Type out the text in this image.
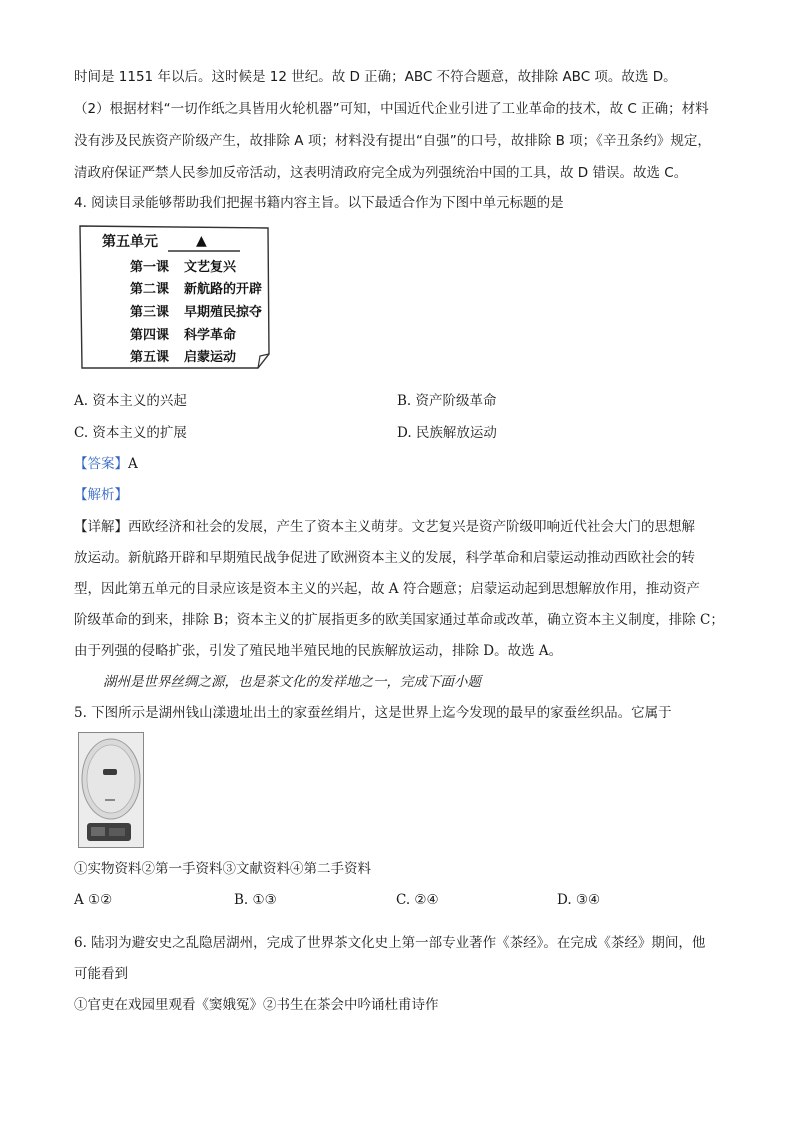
时间是 1151 年以后。这时候是 12 世纪。故 D 正确；ABC 不符合题意，故排除 ABC 项。故选 D。
（2）根据材料“一切作纸之具皆用火轮机器”可知，中国近代企业引进了工业革命的技术，故 C 正确；材料
没有涉及民族资产阶级产生，故排除 A 项；材料没有提出“自强”的口号，故排除 B 项；《辛丑条约》规定，
清政府保证严禁人民参加反帝活动，这表明清政府完全成为列强统治中国的工具，故 D 错误。故选 C。
4. 阅读目录能够帮助我们把握书籍内容主旨。以下最适合作为下图中单元标题的是
第五单元	▲
第一课 文艺复兴
第二课 新航路的开辟
第三课 早期殖民掠夺
第四课 科学革命
第五课 启蒙运动
A. 资本主义的兴起	B. 资产阶级革命
C. 资本主义的扩展	D. 民族解放运动
【答案】A
【解析】
【详解】西欧经济和社会的发展，产生了资本主义萌芽。文艺复兴是资产阶级叩响近代社会大门的思想解
放运动。新航路开辟和早期殖民战争促进了欧洲资本主义的发展，科学革命和启蒙运动推动西欧社会的转
型，因此第五单元的目录应该是资本主义的兴起，故 A 符合题意；启蒙运动起到思想解放作用，推动资产
阶级革命的到来，排除 B；资本主义的扩展指更多的欧美国家通过革命或改革，确立资本主义制度，排除 C；
由于列强的侵略扩张，引发了殖民地半殖民地的民族解放运动，排除 D。故选 A。
湖州是世界丝绸之源，也是茶文化的发祥地之一，完成下面小题
5. 下图所示是湖州钱山漾遗址出土的家蚕丝绢片，这是世界上迄今发现的最早的家蚕丝织品。它属于
①实物资料②第一手资料③文献资料④第二手资料
A ①②	B. ①③	C. ②④	D. ③④
6. 陆羽为避安史之乱隐居湖州，完成了世界茶文化史上第一部专业著作《茶经》。在完成《茶经》期间，他
可能看到
①官吏在戏园里观看《窦娥冤》②书生在茶会中吟诵杜甫诗作
